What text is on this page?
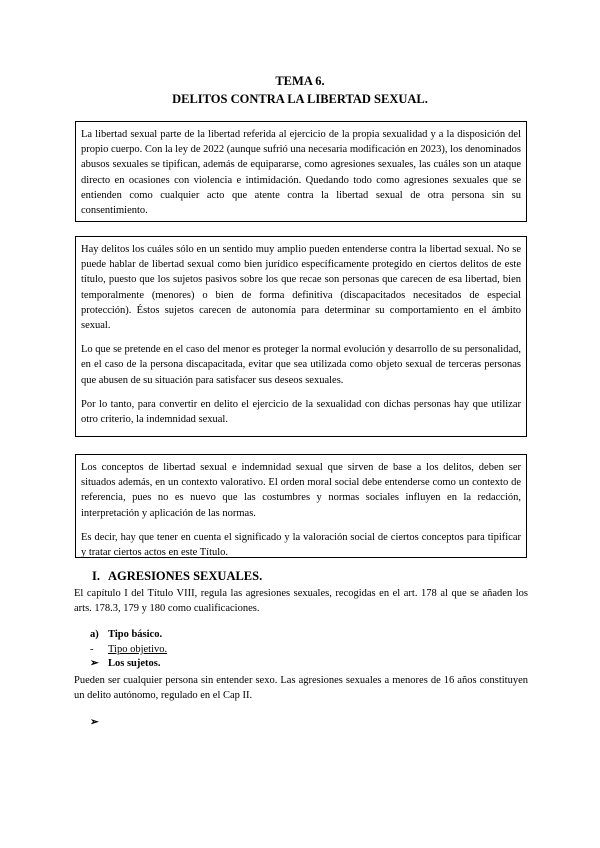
TEMA 6.
DELITOS CONTRA LA LIBERTAD SEXUAL.

La libertad sexual parte de la libertad referida al ejercicio de la propia sexualidad y a la disposición del propio cuerpo. Con la ley de 2022 (aunque sufrió una necesaria modificación en 2023), los denominados abusos sexuales se tipifican, además de equipararse, como agresiones sexuales, las cuáles son un ataque directo en ocasiones con violencia e intimidación. Quedando todo como agresiones sexuales que se entienden como cualquier acto que atente contra la libertad sexual de otra persona sin su consentimiento.

Hay delitos los cuáles sólo en un sentido muy amplio pueden entenderse contra la libertad sexual. No se puede hablar de libertad sexual como bien jurídico específicamente protegido en ciertos delitos de este título, puesto que los sujetos pasivos sobre los que recae son personas que carecen de esa libertad, bien temporalmente (menores) o bien de forma definitiva (discapacitados necesitados de especial protección). Éstos sujetos carecen de autonomía para determinar su comportamiento en el ámbito sexual.

Lo que se pretende en el caso del menor es proteger la normal evolución y desarrollo de su personalidad, en el caso de la persona discapacitada, evitar que sea utilizada como objeto sexual de terceras personas que abusen de su situación para satisfacer sus deseos sexuales.

Por lo tanto, para convertir en delito el ejercicio de la sexualidad con dichas personas hay que utilizar otro criterio, la indemnidad sexual.

Los conceptos de libertad sexual e indemnidad sexual que sirven de base a los delitos, deben ser situados además, en un contexto valorativo. El orden moral social debe entenderse como un contexto de referencia, pues no es nuevo que las costumbres y normas sociales influyen en la redacción, interpretación y aplicación de las normas.

Es decir, hay que tener en cuenta el significado y la valoración social de ciertos conceptos para tipificar y tratar ciertos actos en este Título.

I. AGRESIONES SEXUALES.

El capítulo I del Título VIII, regula las agresiones sexuales, recogidas en el art. 178 al que se añaden los arts. 178.3, 179 y 180 como cualificaciones.

a) Tipo básico.
- Tipo objetivo.
➢ Los sujetos.

Pueden ser cualquier persona sin entender sexo. Las agresiones sexuales a menores de 16 años constituyen un delito autónomo, regulado en el Cap II.

➢
